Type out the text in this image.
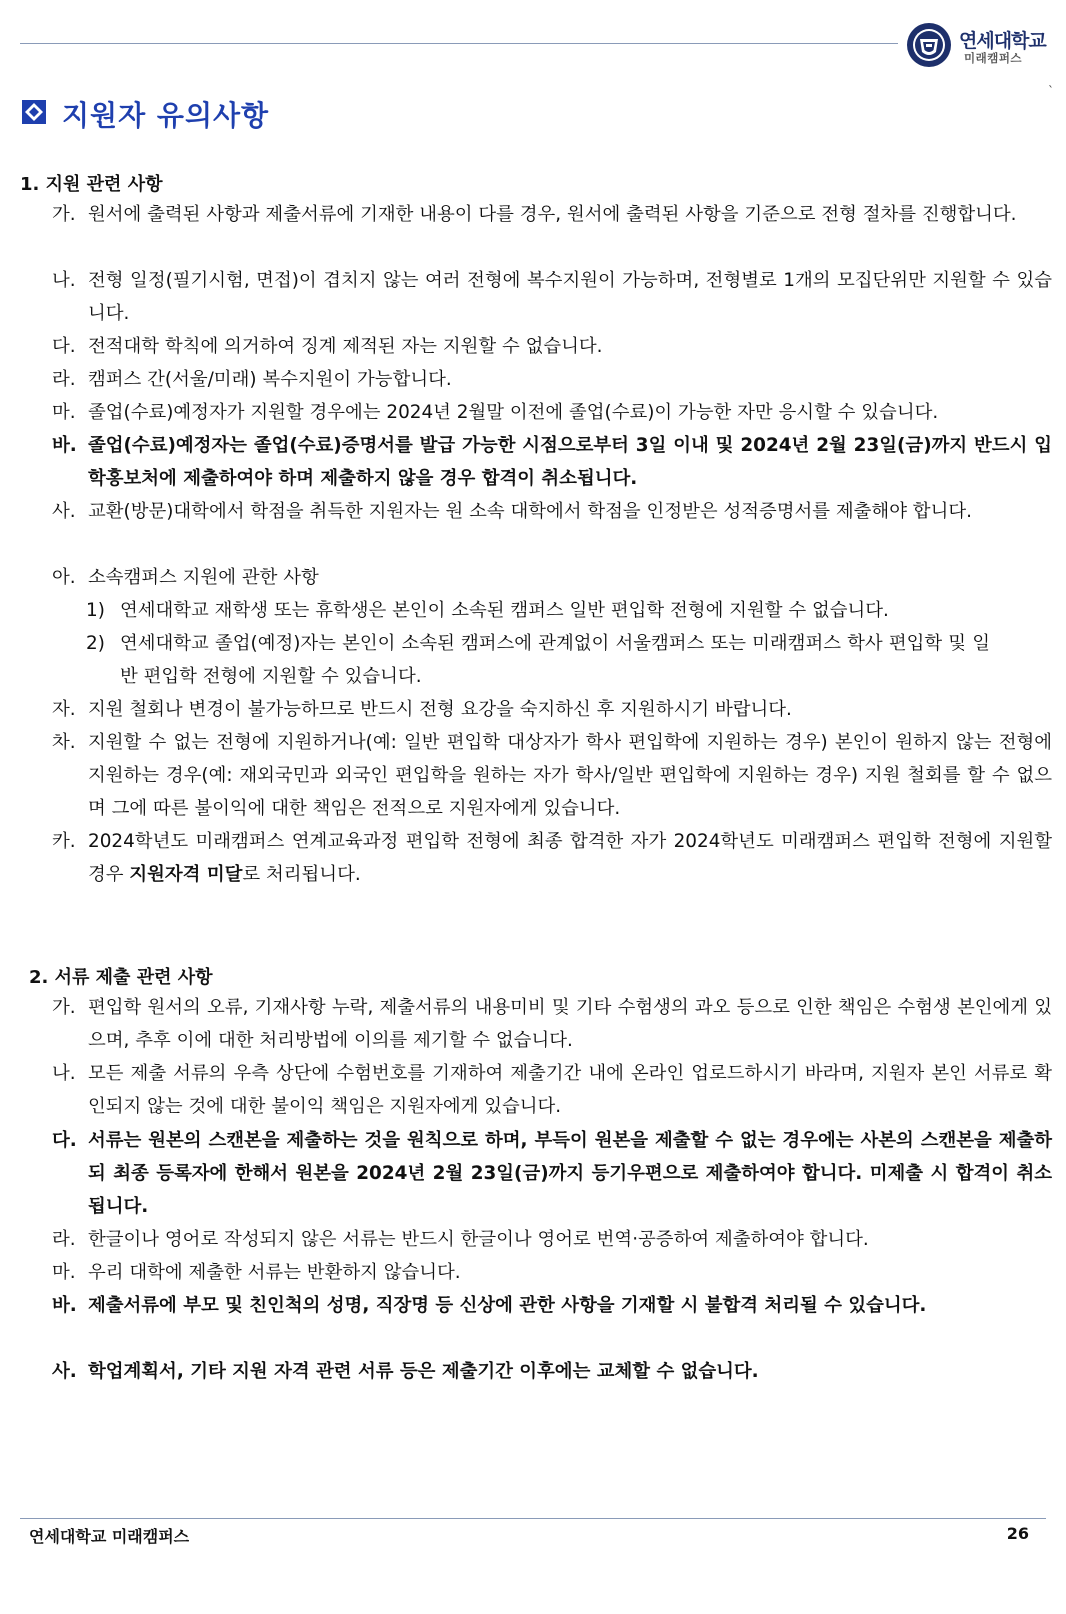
연세대학교
미래캠퍼스
`
지원자 유의사항
1. 지원 관련 사항
가. 원서에 출력된 사항과 제출서류에 기재한 내용이 다를 경우, 원서에 출력된 사항을 기준으로 전형 절차를 진행합니다.
나. 전형 일정(필기시험, 면접)이 겹치지 않는 여러 전형에 복수지원이 가능하며, 전형별로 1개의 모집단위만 지원할 수 있습니다.
다. 전적대학 학칙에 의거하여 징계 제적된 자는 지원할 수 없습니다.
라. 캠퍼스 간(서울/미래) 복수지원이 가능합니다.
마. 졸업(수료)예정자가 지원할 경우에는 2024년 2월말 이전에 졸업(수료)이 가능한 자만 응시할 수 있습니다.
바. 졸업(수료)예정자는 졸업(수료)증명서를 발급 가능한 시점으로부터 3일 이내 및 2024년 2월 23일(금)까지 반드시 입학홍보처에 제출하여야 하며 제출하지 않을 경우 합격이 취소됩니다.
사. 교환(방문)대학에서 학점을 취득한 지원자는 원 소속 대학에서 학점을 인정받은 성적증명서를 제출해야 합니다.
아. 소속캠퍼스 지원에 관한 사항
1) 연세대학교 재학생 또는 휴학생은 본인이 소속된 캠퍼스 일반 편입학 전형에 지원할 수 없습니다.
2) 연세대학교 졸업(예정)자는 본인이 소속된 캠퍼스에 관계없이 서울캠퍼스 또는 미래캠퍼스 학사 편입학 및 일반 편입학 전형에 지원할 수 있습니다.
자. 지원 철회나 변경이 불가능하므로 반드시 전형 요강을 숙지하신 후 지원하시기 바랍니다.
차. 지원할 수 없는 전형에 지원하거나(예: 일반 편입학 대상자가 학사 편입학에 지원하는 경우) 본인이 원하지 않는 전형에 지원하는 경우(예: 재외국민과 외국인 편입학을 원하는 자가 학사/일반 편입학에 지원하는 경우) 지원 철회를 할 수 없으며 그에 따른 불이익에 대한 책임은 전적으로 지원자에게 있습니다.
카. 2024학년도 미래캠퍼스 연계교육과정 편입학 전형에 최종 합격한 자가 2024학년도 미래캠퍼스 편입학 전형에 지원할 경우 지원자격 미달로 처리됩니다.
2. 서류 제출 관련 사항
가. 편입학 원서의 오류, 기재사항 누락, 제출서류의 내용미비 및 기타 수험생의 과오 등으로 인한 책임은 수험생 본인에게 있으며, 추후 이에 대한 처리방법에 이의를 제기할 수 없습니다.
나. 모든 제출 서류의 우측 상단에 수험번호를 기재하여 제출기간 내에 온라인 업로드하시기 바라며, 지원자 본인 서류로 확인되지 않는 것에 대한 불이익 책임은 지원자에게 있습니다.
다. 서류는 원본의 스캔본을 제출하는 것을 원칙으로 하며, 부득이 원본을 제출할 수 없는 경우에는 사본의 스캔본을 제출하되 최종 등록자에 한해서 원본을 2024년 2월 23일(금)까지 등기우편으로 제출하여야 합니다. 미제출 시 합격이 취소됩니다.
라. 한글이나 영어로 작성되지 않은 서류는 반드시 한글이나 영어로 번역·공증하여 제출하여야 합니다.
마. 우리 대학에 제출한 서류는 반환하지 않습니다.
바. 제출서류에 부모 및 친인척의 성명, 직장명 등 신상에 관한 사항을 기재할 시 불합격 처리될 수 있습니다.
사. 학업계획서, 기타 지원 자격 관련 서류 등은 제출기간 이후에는 교체할 수 없습니다.
연세대학교 미래캠퍼스	26
